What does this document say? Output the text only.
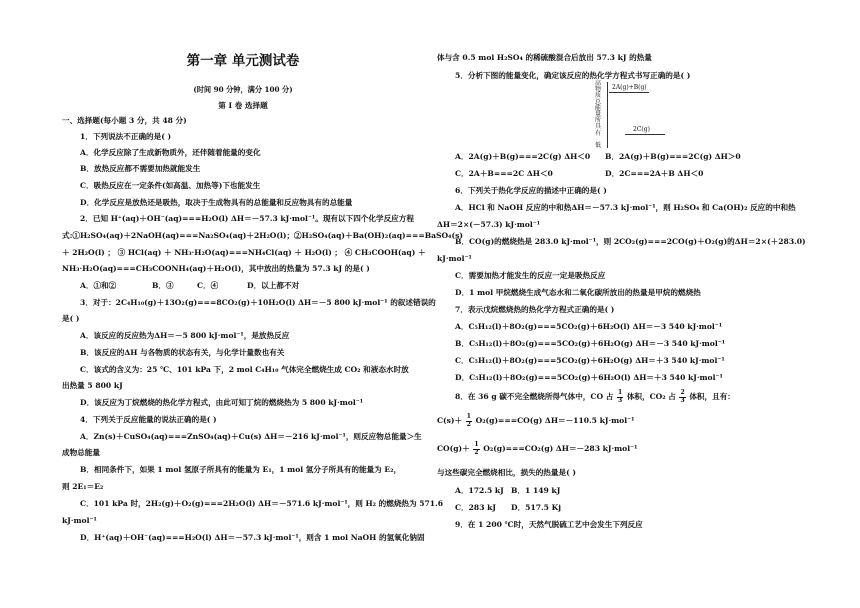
第一章 单元测试卷
(时间 90 分钟，满分 100 分)
第 I 卷 选择题
一、选择题(每小题 3 分，共 48 分)
1．下列说法不正确的是( )
A．化学反应除了生成新物质外，还伴随着能量的变化
B．放热反应都不需要加热就能发生
C．吸热反应在一定条件(如高温、加热等)下也能发生
D．化学反应是放热还是吸热，取决于生成物具有的总能量和反应物具有的总能量
2．已知 H⁺(aq)＋OH⁻(aq)===H₂O(l) ΔH＝－57.3 kJ·mol⁻¹。现有以下四个化学反应方程
式:①H₂SO₄(aq)＋2NaOH(aq)===Na₂SO₄(aq)＋2H₂O(l)；②H₂SO₄(aq)＋Ba(OH)₂(aq)===BaSO₄(s)
＋ 2H₂O(l) ； ③ HCl(aq) ＋ NH₃·H₂O(aq)===NH₄Cl(aq) ＋ H₂O(l) ； ④ CH₃COOH(aq) ＋
NH₃·H₂O(aq)===CH₃COONH₄(aq)＋H₂O(l)，其中放出的热量为 57.3 kJ 的是( )
A．①和②	B．③	C．④	D．以上都不对
3．对于：2C₄H₁₀(g)＋13O₂(g)===8CO₂(g)＋10H₂O(l) ΔH＝－5 800 kJ·mol⁻¹ 的叙述错误的
是( )
A．该反应的反应热为ΔH＝－5 800 kJ·mol⁻¹，是放热反应
B．该反应的ΔH 与各物质的状态有关，与化学计量数也有关
C．该式的含义为：25 ℃、101 kPa 下，2 mol C₄H₁₀ 气体完全燃烧生成 CO₂ 和液态水时放
出热量 5 800 kJ
D．该反应为丁烷燃烧的热化学方程式，由此可知丁烷的燃烧热为 5 800 kJ·mol⁻¹
4．下列关于反应能量的说法正确的是( )
A．Zn(s)＋CuSO₄(aq)===ZnSO₄(aq)＋Cu(s) ΔH＝－216 kJ·mol⁻¹，则反应物总能量＞生
成物总能量
B．相同条件下，如果 1 mol 氢原子所具有的能量为 E₁，1 mol 氢分子所具有的能量为 E₂，
则 2E₁＝E₂
C．101 kPa 时，2H₂(g)＋O₂(g)===2H₂O(l) ΔH＝－571.6 kJ·mol⁻¹，则 H₂ 的燃烧热为 571.6
kJ·mol⁻¹
D．H⁺(aq)＋OH⁻(aq)===H₂O(l) ΔH＝－57.3 kJ·mol⁻¹，则含 1 mol NaOH 的氢氧化钠固
8．在 36 g 碳不完全燃烧所得气体中，CO 占 $\frac{1}{3}$ 体积，CO₂ 占 $\frac{2}{3}$ 体积，且有：
$C(s)+ \frac{1}{2} O_2(g)===CO(g)$ ΔH＝－110.5 kJ·mol⁻¹
$CO(g)+ \frac{1}{2} O_2(g)===CO_2(g)$ ΔH＝－283 kJ·mol⁻¹
与这些碳完全燃烧相比，损失的热量是( )
A．172.5 kJ B．1 149 kJ
C．283 kJ D．517.5 Kj
9．在 1 200 ℃时，天然气脱硫工艺中会发生下列反应
高
物
质
总
能
量
所
具
有
低
2A(g)+B(g)
2C(g)
体与含 0.5 mol H₂SO₄ 的稀硫酸混合后放出 57.3 kJ 的热量
5．分析下图的能量变化，确定该反应的热化学方程式书写正确的是( )
A．2A(g)＋B(g)===2C(g) ΔH＜0 B．2A(g)＋B(g)===2C(g) ΔH＞0
C．2A＋B===2C ΔH＜0	D．2C===2A＋B ΔH＜0
6．下列关于热化学反应的描述中正确的是( )
A．HCl 和 NaOH 反应的中和热ΔH＝－57.3 kJ·mol⁻¹，则 H₂SO₄ 和 Ca(OH)₂ 反应的中和热
ΔH＝2×(－57.3) kJ·mol⁻¹
B．CO(g)的燃烧热是 283.0 kJ·mol⁻¹，则 2CO₂(g)===2CO(g)＋O₂(g)的ΔH＝2×(＋283.0)
kJ·mol⁻¹
C．需要加热才能发生的反应一定是吸热反应
D．1 mol 甲烷燃烧生成气态水和二氧化碳所放出的热量是甲烷的燃烧热
7．表示戊烷燃烧热的热化学方程式正确的是( )
A．C₅H₁₂(l)＋8O₂(g)===5CO₂(g)＋6H₂O(l) ΔH＝－3 540 kJ·mol⁻¹
B．C₅H₁₂(l)＋8O₂(g)===5CO₂(g)＋6H₂O(g) ΔH＝－3 540 kJ·mol⁻¹
C．C₅H₁₂(l)＋8O₂(g)===5CO₂(g)＋6H₂O(g) ΔH＝＋3 540 kJ·mol⁻¹
D．C₅H₁₂(l)＋8O₂(g)===5CO₂(g)＋6H₂O(l) ΔH＝＋3 540 kJ·mol⁻¹
